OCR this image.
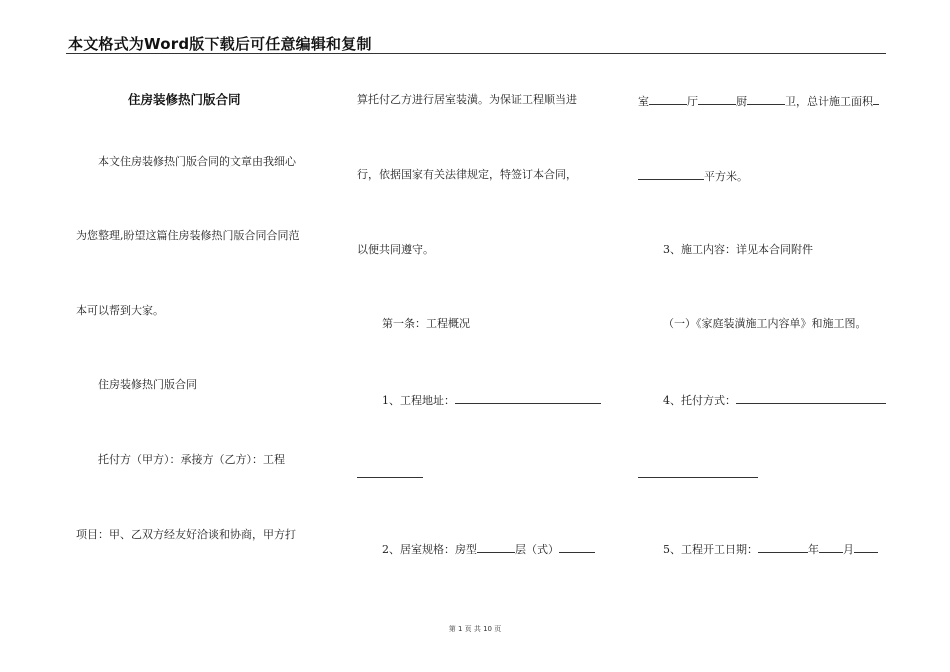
本文格式为Word版下载后可任意编辑和复制
住房装修热门版合同
本文住房装修热门版合同的文章由我细心
为您整理,盼望这篇住房装修热门版合同合同范
本可以帮到大家。
住房装修热门版合同
托付方（甲方）：承接方（乙方）：工程
项目：甲、乙双方经友好洽谈和协商，甲方打
算托付乙方进行居室装潢。为保证工程顺当进
行，依据国家有关法律规定，特签订本合同，
以便共同遵守。
第一条：工程概况
1、工程地址：
2、居室规格：房型	层（式）
室	厅	厨	卫，总计施工面积
平方米。
3、施工内容：详见本合同附件
（一）《家庭装潢施工内容单》和施工图。
4、托付方式：
5、工程开工日期：	年 月
第 1 页 共 10 页
